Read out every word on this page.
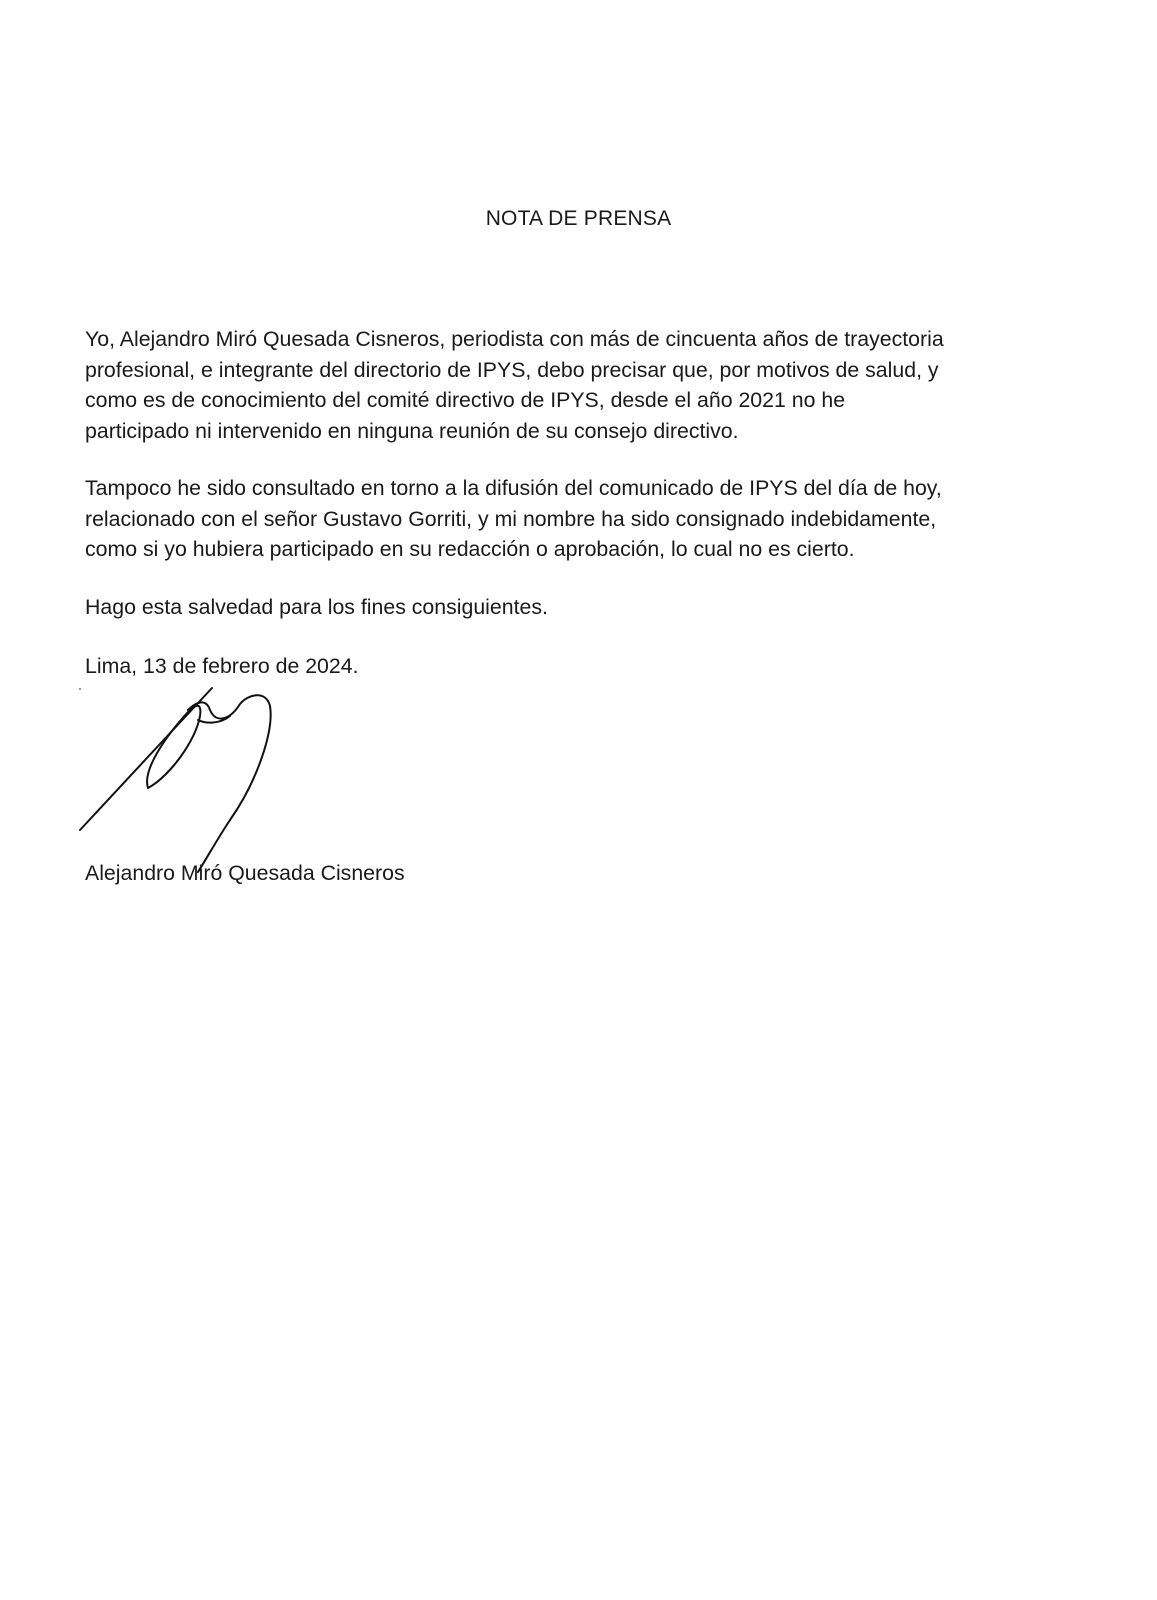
NOTA DE PRENSA

Yo, Alejandro Miró Quesada Cisneros, periodista con más de cincuenta años de trayectoria
profesional, e integrante del directorio de IPYS, debo precisar que, por motivos de salud, y
como es de conocimiento del comité directivo de IPYS, desde el año 2021 no he
participado ni intervenido en ninguna reunión de su consejo directivo.

Tampoco he sido consultado en torno a la difusión del comunicado de IPYS del día de hoy,
relacionado con el señor Gustavo Gorriti, y mi nombre ha sido consignado indebidamente,
como si yo hubiera participado en su redacción o aprobación, lo cual no es cierto.

Hago esta salvedad para los fines consiguientes.

Lima, 13 de febrero de 2024.

Alejandro Miró Quesada Cisneros
